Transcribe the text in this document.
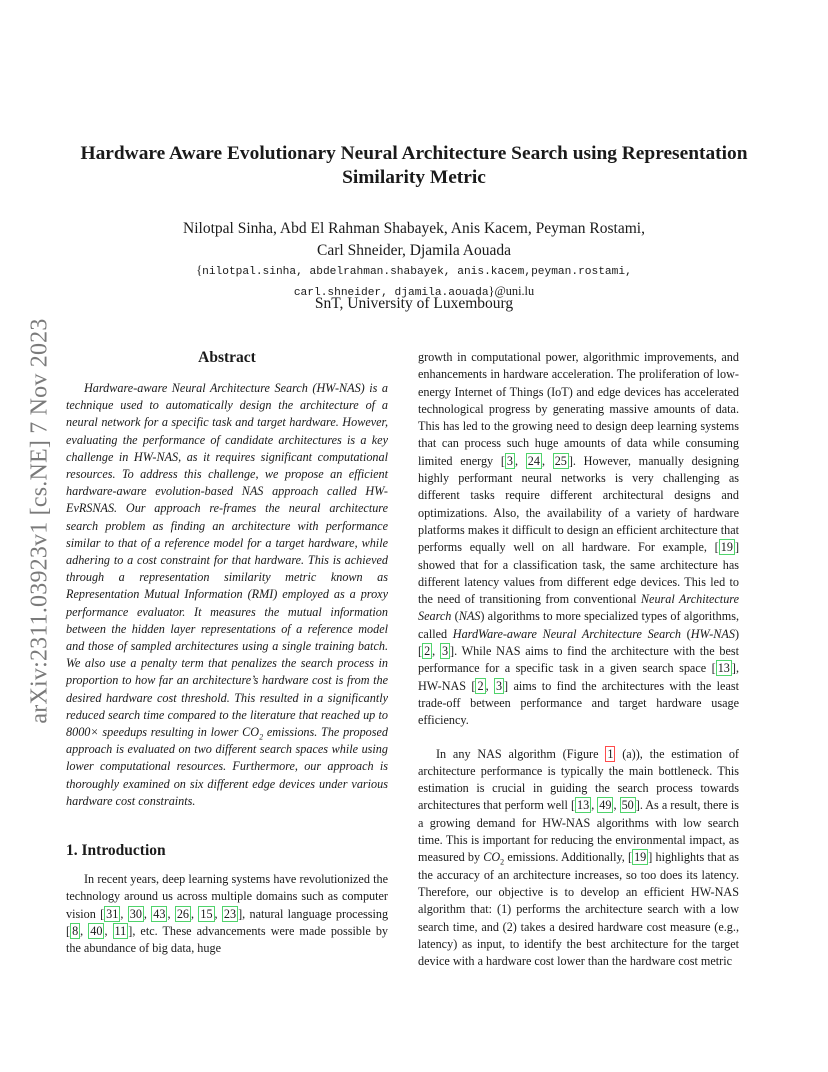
arXiv:2311.03923v1 [cs.NE] 7 Nov 2023
Hardware Aware Evolutionary Neural Architecture Search using Representation Similarity Metric
Nilotpal Sinha, Abd El Rahman Shabayek, Anis Kacem, Peyman Rostami,
Carl Shneider, Djamila Aouada
{nilotpal.sinha, abdelrahman.shabayek, anis.kacem,peyman.rostami,
carl.shneider, djamila.aouada}@uni.lu
SnT, University of Luxembourg
Abstract

Hardware-aware Neural Architecture Search (HW-NAS) is a technique used to automatically design the architecture of a neural network for a specific task and target hardware. However, evaluating the performance of candidate architectures is a key challenge in HW-NAS, as it requires significant computational resources. To address this challenge, we propose an efficient hardware-aware evolution-based NAS approach called HW-EvRSNAS. Our approach re-frames the neural architecture search problem as finding an architecture with performance similar to that of a reference model for a target hardware, while adhering to a cost constraint for that hardware. This is achieved through a representation similarity metric known as Representation Mutual Information (RMI) employed as a proxy performance evaluator. It measures the mutual information between the hidden layer representations of a reference model and those of sampled architectures using a single training batch. We also use a penalty term that penalizes the search process in proportion to how far an architecture’s hardware cost is from the desired hardware cost threshold. This resulted in a significantly reduced search time compared to the literature that reached up to 8000× speedups resulting in lower $CO_2$ emissions. The proposed approach is evaluated on two different search spaces while using lower computational resources. Furthermore, our approach is thoroughly examined on six different edge devices under various hardware cost constraints.

1. Introduction

In recent years, deep learning systems have revolutionized the technology around us across multiple domains such as computer vision [ 31 , 30 , 43 , 26 , 15 , 23 ], natural language processing [ 8 , 40 , 11 ], etc. These advancements were made possible by the abundance of big data, huge

growth in computational power, algorithmic improvements, and enhancements in hardware acceleration. The proliferation of low-energy Internet of Things (IoT) and edge devices has accelerated technological progress by generating massive amounts of data. This has led to the growing need to design deep learning systems that can process such huge amounts of data while consuming limited energy [ 3 , 24 , 25 ]. However, manually designing highly performant neural networks is very challenging as different tasks require different architectural designs and optimizations. Also, the availability of a variety of hardware platforms makes it difficult to design an efficient architecture that performs equally well on all hardware. For example, [ 19 ] showed that for a classification task, the same architecture has different latency values from different edge devices. This led to the need of transitioning from conventional Neural Architecture Search (NAS) algorithms to more specialized types of algorithms, called HardWare-aware Neural Architecture Search (HW-NAS) [ 2 , 3 ]. While NAS aims to find the architecture with the best performance for a specific task in a given search space [ 13 ], HW-NAS [ 2 , 3 ] aims to find the architectures with the least trade-off between performance and target hardware usage efficiency.

In any NAS algorithm (Figure 1 (a)), the estimation of architecture performance is typically the main bottleneck. This estimation is crucial in guiding the search process towards architectures that perform well [ 13 , 49 , 50 ]. As a result, there is a growing demand for HW-NAS algorithms with low search time. This is important for reducing the environmental impact, as measured by $CO_2$ emissions. Additionally, [ 19 ] highlights that as the accuracy of an architecture increases, so too does its latency. Therefore, our objective is to develop an efficient HW-NAS algorithm that: (1) performs the architecture search with a low search time, and (2) takes a desired hardware cost measure (e.g., latency) as input, to identify the best architecture for the target device with a hardware cost lower than the hardware cost metric
